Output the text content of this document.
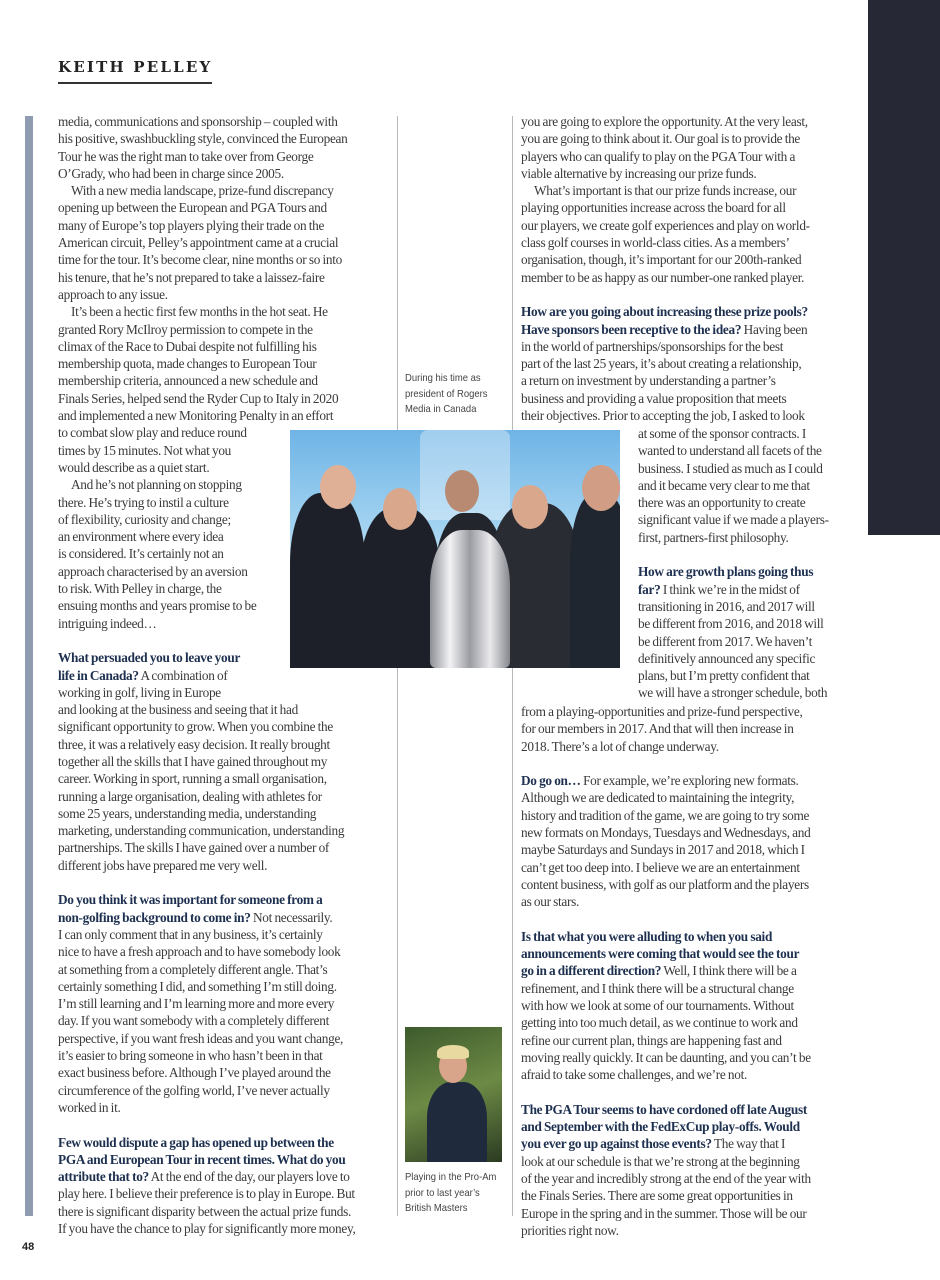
KEITH PELLEY
media, communications and sponsorship – coupled with
his positive, swashbuckling style, convinced the European
Tour he was the right man to take over from George
O’Grady, who had been in charge since 2005.
 With a new media landscape, prize-fund discrepancy
opening up between the European and PGA Tours and
many of Europe’s top players plying their trade on the
American circuit, Pelley’s appointment came at a crucial
time for the tour. It’s become clear, nine months or so into
his tenure, that he’s not prepared to take a laissez-faire
approach to any issue.
 It’s been a hectic first few months in the hot seat. He
granted Rory McIlroy permission to compete in the
climax of the Race to Dubai despite not fulfilling his
membership quota, made changes to European Tour
membership criteria, announced a new schedule and
Finals Series, helped send the Ryder Cup to Italy in 2020
and implemented a new Monitoring Penalty in an effort
to combat slow play and reduce round
times by 15 minutes. Not what you
would describe as a quiet start.
 And he’s not planning on stopping
there. He’s trying to instil a culture
of flexibility, curiosity and change;
an environment where every idea
is considered. It’s certainly not an
approach characterised by an aversion
to risk. With Pelley in charge, the
ensuing months and years promise to be
intriguing indeed…
What persuaded you to leave your
life in Canada? A combination of
working in golf, living in Europe
and looking at the business and seeing that it had
significant opportunity to grow. When you combine the
three, it was a relatively easy decision. It really brought
together all the skills that I have gained throughout my
career. Working in sport, running a small organisation,
running a large organisation, dealing with athletes for
some 25 years, understanding media, understanding
marketing, understanding communication, understanding
partnerships. The skills I have gained over a number of
different jobs have prepared me very well.
Do you think it was important for someone from a
non-golfing background to come in? Not necessarily.
I can only comment that in any business, it’s certainly
nice to have a fresh approach and to have somebody look
at something from a completely different angle. That’s
certainly something I did, and something I’m still doing.
I’m still learning and I’m learning more and more every
day. If you want somebody with a completely different
perspective, if you want fresh ideas and you want change,
it’s easier to bring someone in who hasn’t been in that
exact business before. Although I’ve played around the
circumference of the golfing world, I’ve never actually
worked in it.
Few would dispute a gap has opened up between the
PGA and European Tour in recent times. What do you
attribute that to? At the end of the day, our players love to
play here. I believe their preference is to play in Europe. But
there is significant disparity between the actual prize funds.
If you have the chance to play for significantly more money,
you are going to explore the opportunity. At the very least,
you are going to think about it. Our goal is to provide the
players who can qualify to play on the PGA Tour with a
viable alternative by increasing our prize funds.
 What’s important is that our prize funds increase, our
playing opportunities increase across the board for all
our players, we create golf experiences and play on world-
class golf courses in world-class cities. As a members’
organisation, though, it’s important for our 200th-ranked
member to be as happy as our number-one ranked player.
How are you going about increasing these prize pools?
Have sponsors been receptive to the idea? Having been
in the world of partnerships/sponsorships for the best
part of the last 25 years, it’s about creating a relationship,
a return on investment by understanding a partner’s
business and providing a value proposition that meets
their objectives. Prior to accepting the job, I asked to look
at some of the sponsor contracts. I
wanted to understand all facets of the
business. I studied as much as I could
and it became very clear to me that
there was an opportunity to create
significant value if we made a players-
first, partners-first philosophy.
How are growth plans going thus
far? I think we’re in the midst of
transitioning in 2016, and 2017 will
be different from 2016, and 2018 will
be different from 2017. We haven’t
definitively announced any specific
plans, but I’m pretty confident that
we will have a stronger schedule, both
from a playing-opportunities and prize-fund perspective,
for our members in 2017. And that will then increase in
2018. There’s a lot of change underway.
Do go on… For example, we’re exploring new formats.
Although we are dedicated to maintaining the integrity,
history and tradition of the game, we are going to try some
new formats on Mondays, Tuesdays and Wednesdays, and
maybe Saturdays and Sundays in 2017 and 2018, which I
can’t get too deep into. I believe we are an entertainment
content business, with golf as our platform and the players
as our stars.
Is that what you were alluding to when you said
announcements were coming that would see the tour
go in a different direction? Well, I think there will be a
refinement, and I think there will be a structural change
with how we look at some of our tournaments. Without
getting into too much detail, as we continue to work and
refine our current plan, things are happening fast and
moving really quickly. It can be daunting, and you can’t be
afraid to take some challenges, and we’re not.
The PGA Tour seems to have cordoned off late August
and September with the FedExCup play-offs. Would
you ever go up against those events? The way that I
look at our schedule is that we’re strong at the beginning
of the year and incredibly strong at the end of the year with
the Finals Series. There are some great opportunities in
Europe in the spring and in the summer. Those will be our
priorities right now.
During his time as
president of Rogers
Media in Canada
Playing in the Pro-Am
prior to last year’s
British Masters
48
